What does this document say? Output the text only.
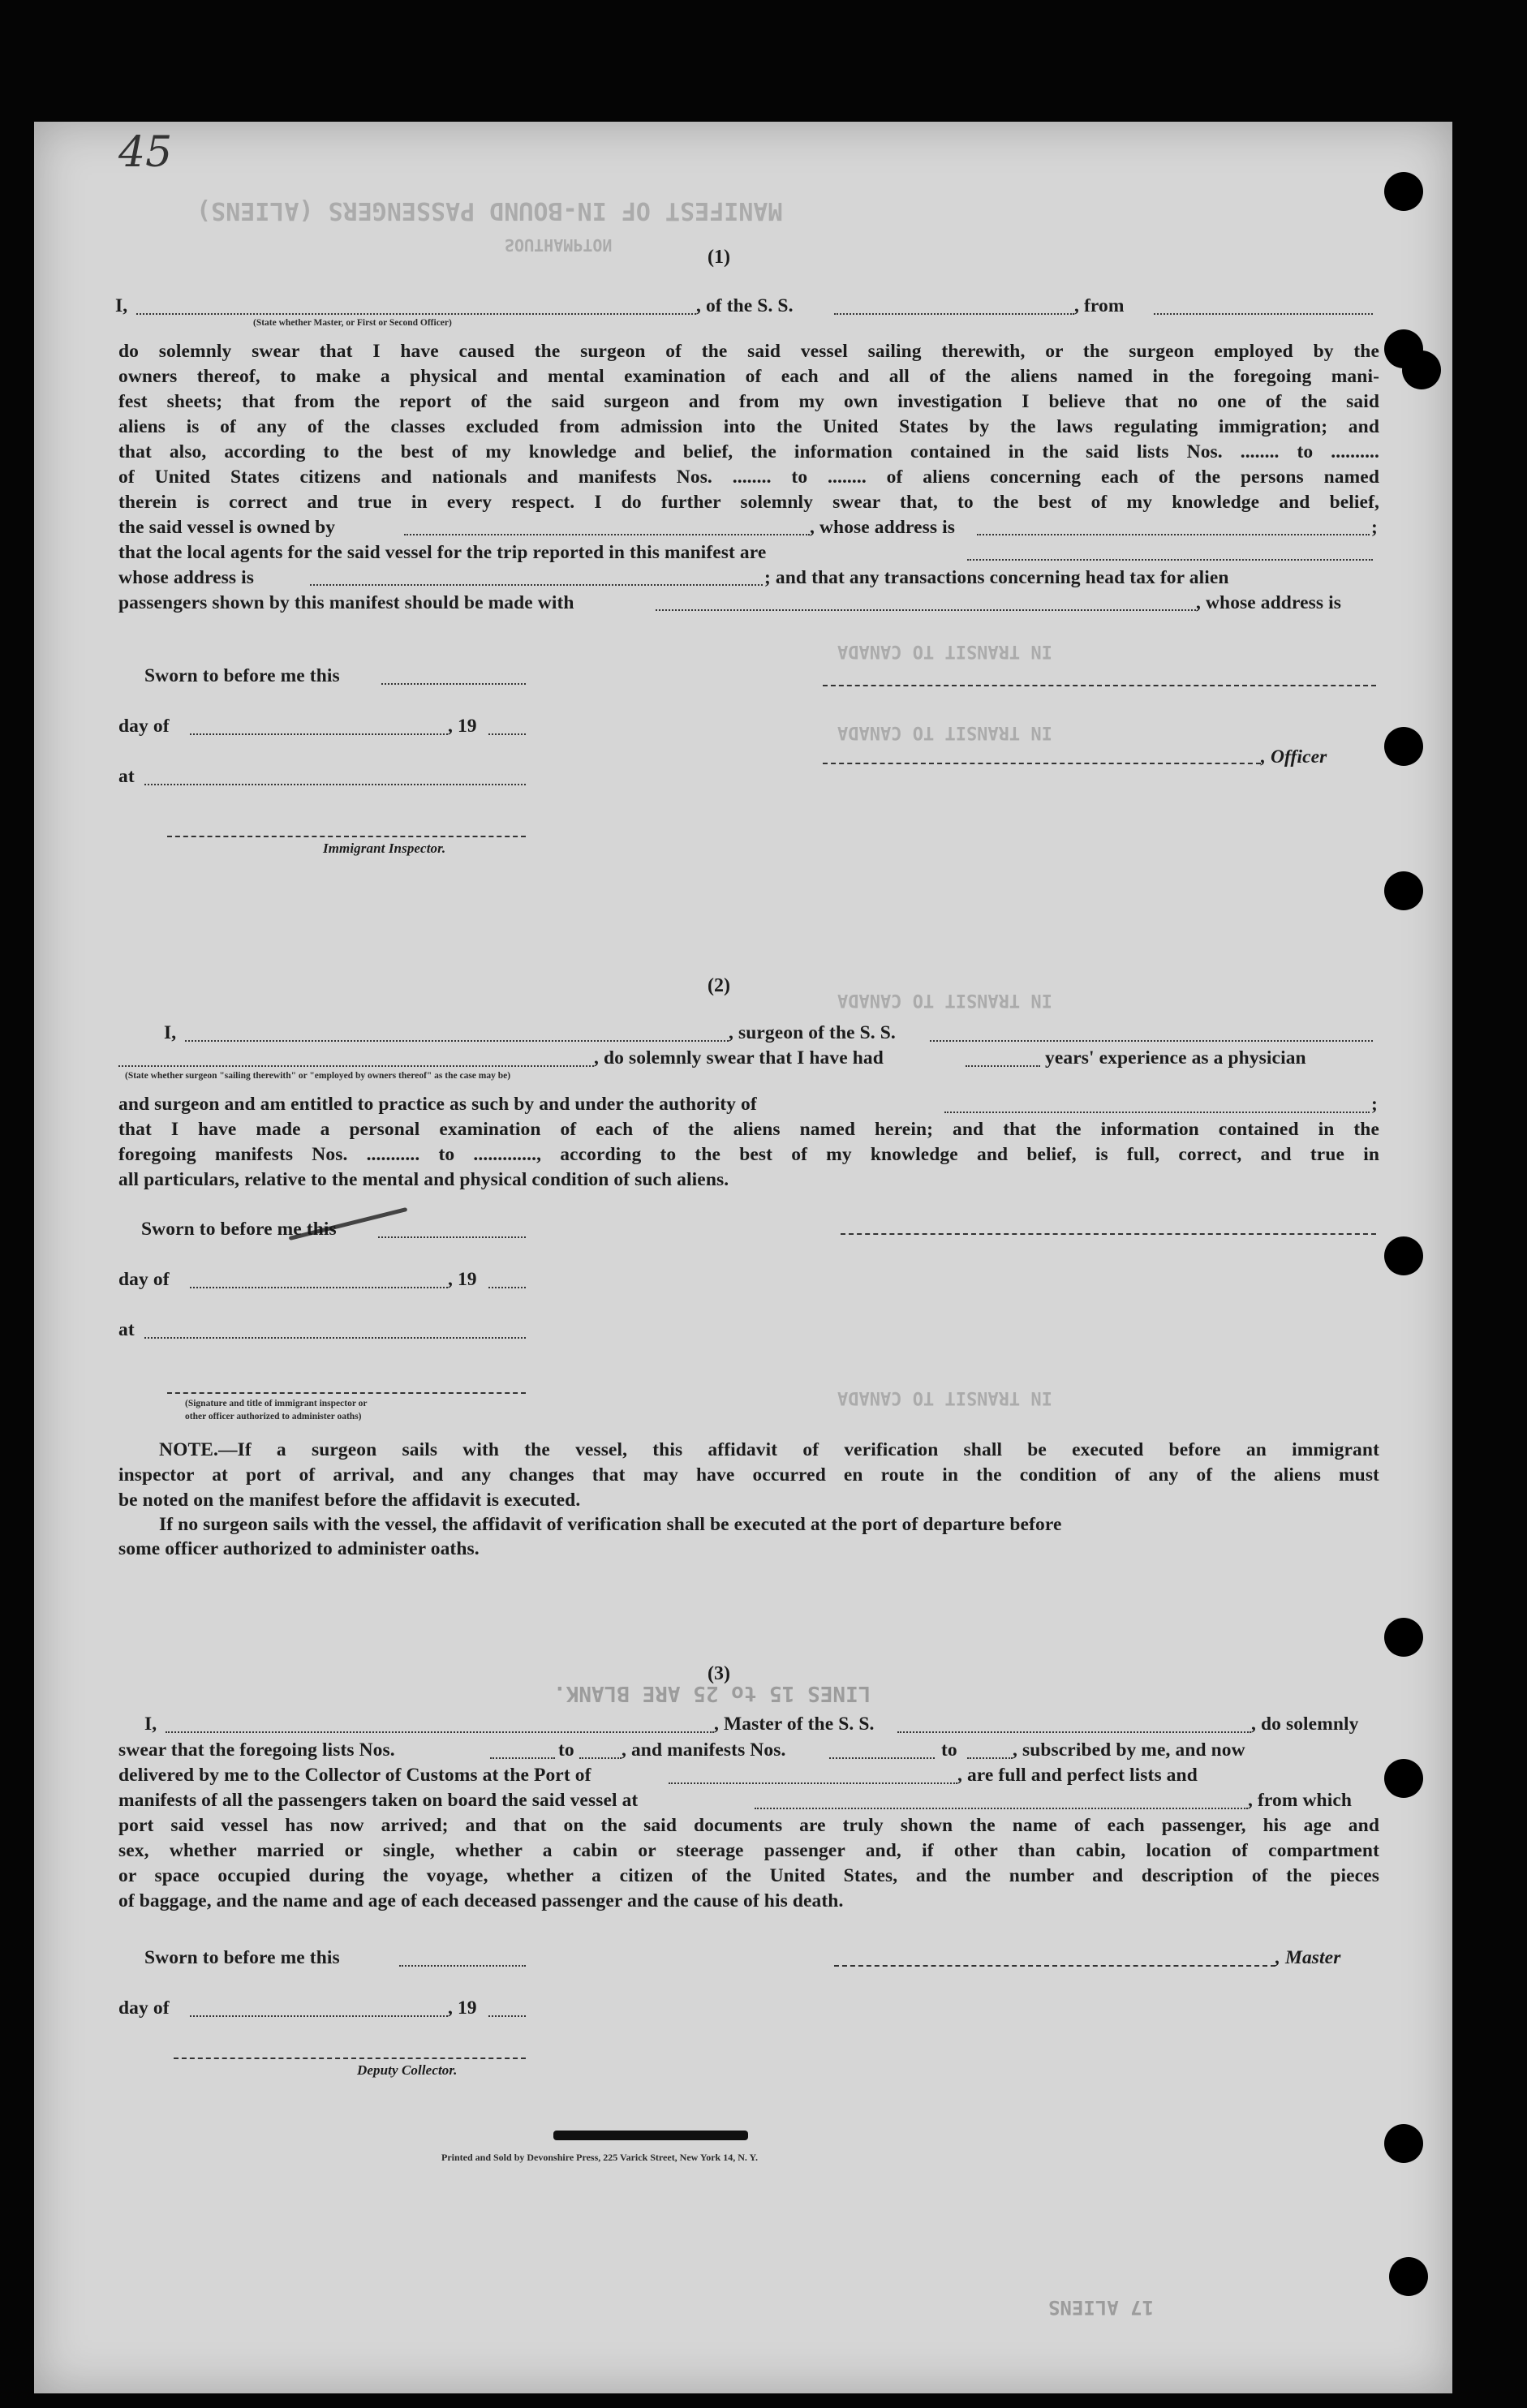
45
MANIFEST OF IN-BOUND PASSENGERS (ALIENS)
SOUTHAMPTON
IN TRANSIT TO CANADA
IN TRANSIT TO CANADA
IN TRANSIT TO CANADA
IN TRANSIT TO CANADA
LINES 15 to 25 ARE BLANK.
17 ALIENS
(1)
I,	, of the S. S.	, from
(State whether Master, or First or Second Officer)
do solemnly swear that I have caused the surgeon of the said vessel sailing therewith, or the surgeon employed by the
owners thereof, to make a physical and mental examination of each and all of the aliens named in the foregoing mani-
fest sheets; that from the report of the said surgeon and from my own investigation I believe that no one of the said
aliens is of any of the classes excluded from admission into the United States by the laws regulating immigration; and
that also, according to the best of my knowledge and belief, the information contained in the said lists Nos. ........ to ..........
of United States citizens and nationals and manifests Nos. ........ to ........ of aliens concerning each of the persons named
therein is correct and true in every respect. I do further solemnly swear that, to the best of my knowledge and belief,
the said vessel is owned by	, whose address is	;
that the local agents for the said vessel for the trip reported in this manifest are
whose address is	; and that any transactions concerning head tax for alien
passengers shown by this manifest should be made with	, whose address is
Sworn to before me this
day of	, 19
, Officer
at
Immigrant Inspector.
(2)
I,	, surgeon of the S. S.
, do solemnly swear that I have had	years' experience as a physician
(State whether surgeon "sailing therewith" or "employed by owners thereof" as the case may be)
and surgeon and am entitled to practice as such by and under the authority of	;
that I have made a personal examination of each of the aliens named herein; and that the information contained in the
foregoing manifests Nos. ........... to ............., according to the best of my knowledge and belief, is full, correct, and true in
all particulars, relative to the mental and physical condition of such aliens.
Sworn to before me this
day of	, 19
at
(Signature and title of immigrant inspector or
other officer authorized to administer oaths)
NOTE.—If a surgeon sails with the vessel, this affidavit of verification shall be executed before an immigrant
inspector at port of arrival, and any changes that may have occurred en route in the condition of any of the aliens must
be noted on the manifest before the affidavit is executed.
If no surgeon sails with the vessel, the affidavit of verification shall be executed at the port of departure before
some officer authorized to administer oaths.
(3)
I,	, Master of the S. S.	, do solemnly
swear that the foregoing lists Nos.	to , and manifests Nos.	to	, subscribed by me, and now
delivered by me to the Collector of Customs at the Port of	, are full and perfect lists and
manifests of all the passengers taken on board the said vessel at	, from which
port said vessel has now arrived; and that on the said documents are truly shown the name of each passenger, his age and
sex, whether married or single, whether a cabin or steerage passenger and, if other than cabin, location of compartment
or space occupied during the voyage, whether a citizen of the United States, and the number and description of the pieces
of baggage, and the name and age of each deceased passenger and the cause of his death.
Sworn to before me this	, Master
day of	, 19
Deputy Collector.
Printed and Sold by Devonshire Press, 225 Varick Street, New York 14, N. Y.
